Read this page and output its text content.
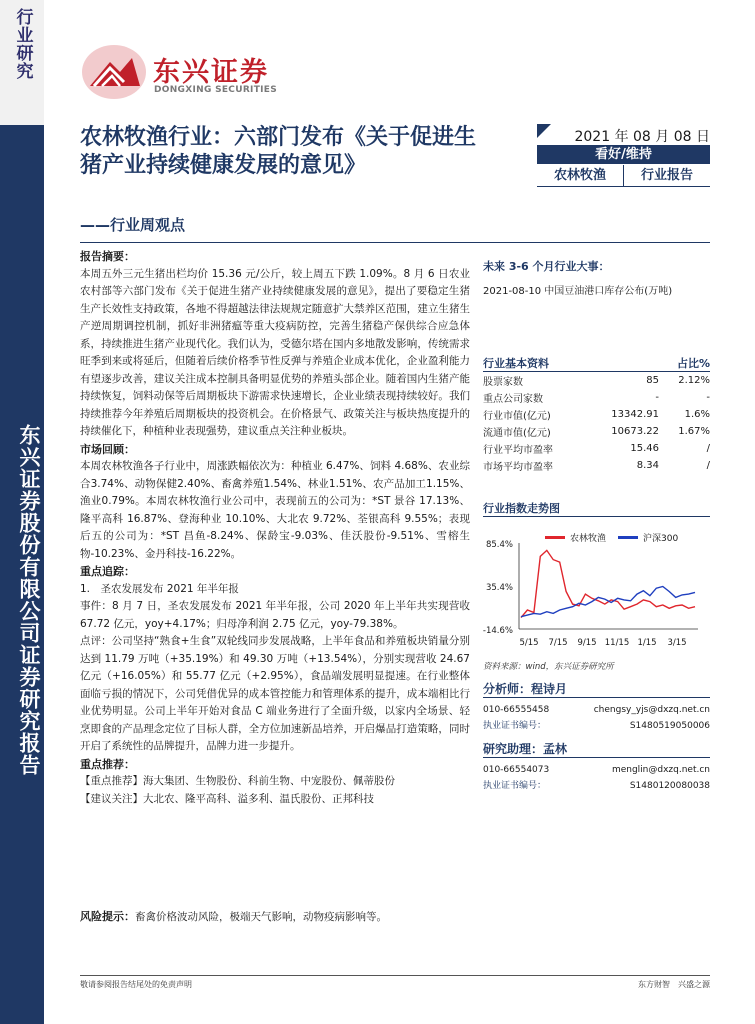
行业研究
东兴证券股份有限公司证券研究报告
东兴证券
DONGXING SECURITIES
农林牧渔行业：六部门发布《关于促进生猪产业持续健康发展的意见》
——行业周观点
2021 年 08 月 08 日
看好/维持
农林牧渔	行业报告
报告摘要：

本周五外三元生猪出栏均价 15.36 元/公斤，较上周五下跌 1.09%。8 月 6 日农业农村部等六部门发布《关于促进生猪产业持续健康发展的意见》，提出了要稳定生猪生产长效性支持政策，各地不得超越法律法规规定随意扩大禁养区范围，建立生猪生产逆周期调控机制，抓好非洲猪瘟等重大疫病防控，完善生猪稳产保供综合应急体系，持续推进生猪产业现代化。我们认为，受德尔塔在国内多地散发影响，传统需求旺季到来或将延后，但随着后续价格季节性反弹与养殖企业成本优化，企业盈利能力有望逐步改善，建议关注成本控制具备明显优势的养殖头部企业。随着国内生猪产能持续恢复，饲料动保等后周期板块下游需求快速增长，企业业绩表现持续较好。我们持续推荐今年养殖后周期板块的投资机会。在价格景气、政策关注与板块热度提升的持续催化下，种植种业表现强势，建议重点关注种业板块。

市场回顾：

本周农林牧渔各子行业中，周涨跌幅依次为：种植业 6.47%、饲料 4.68%、农业综合3.74%、动物保健2.40%、畜禽养殖1.54%、林业1.51%、农产品加工1.15%、渔业0.79%。本周农林牧渔行业公司中，表现前五的公司为：*ST 景谷 17.13%、隆平高科 16.87%、登海种业 10.10%、大北农 9.72%、荃银高科 9.55%；表现后五的公司为：*ST 昌鱼-8.24%、保龄宝-9.03%、佳沃股份-9.51%、雪榕生物-10.23%、金丹科技-16.22%。

重点追踪：

1.　圣农发展发布 2021 年半年报

事件：8 月 7 日，圣农发展发布 2021 年半年报，公司 2020 年上半年共实现营收 67.72 亿元，yoy+4.17%；归母净利润 2.75 亿元，yoy-79.38%。

点评：公司坚持“熟食+生食”双轮线同步发展战略，上半年食品和养殖板块销量分别达到 11.79 万吨（+35.19%）和 49.30 万吨（+13.54%），分别实现营收 24.67 亿元（+16.05%）和 55.77 亿元（+2.95%），食品端发展明显提速。在行业整体面临亏损的情况下，公司凭借优异的成本管控能力和管理体系的提升，成本端相比行业优势明显。公司上半年开始对食品 C 端业务进行了全面升级，以家内全场景、轻烹即食的产品理念定位了目标人群，全方位加速新品培养，开启爆品打造策略，同时开启了系统性的品牌提升，品牌力进一步提升。

重点推荐：

【重点推荐】海大集团、生物股份、科前生物、中宠股份、佩蒂股份

【建议关注】大北农、隆平高科、溢多利、温氏股份、正邦科技

风险提示：畜禽价格波动风险，极端天气影响，动物疫病影响等。
未来 3-6 个月行业大事：
2021-08-10 中国豆油港口库存公布(万吨)
行业基本资料	占比%
股票家数	85	2.12%
重点公司家数	-	-
行业市值(亿元)	13342.91	1.6%
流通市值(亿元)	10673.22	1.67%
行业平均市盈率	15.46	/
市场平均市盈率	8.34	/
行业指数走势图
农林牧渔	沪深300
85.4%
35.4%
-14.6%
5/15 7/15 9/15 11/15 1/15 3/15
资料来源：wind，东兴证券研究所
分析师：程诗月
010-66555458	chengsy_yjs@dxzq.net.cn
执业证书编号：	S1480519050006
研究助理：孟林
010-66554073	menglin@dxzq.net.cn
执业证书编号：	S1480120080038
敬请参阅报告结尾处的免责声明	东方财智　兴盛之源
